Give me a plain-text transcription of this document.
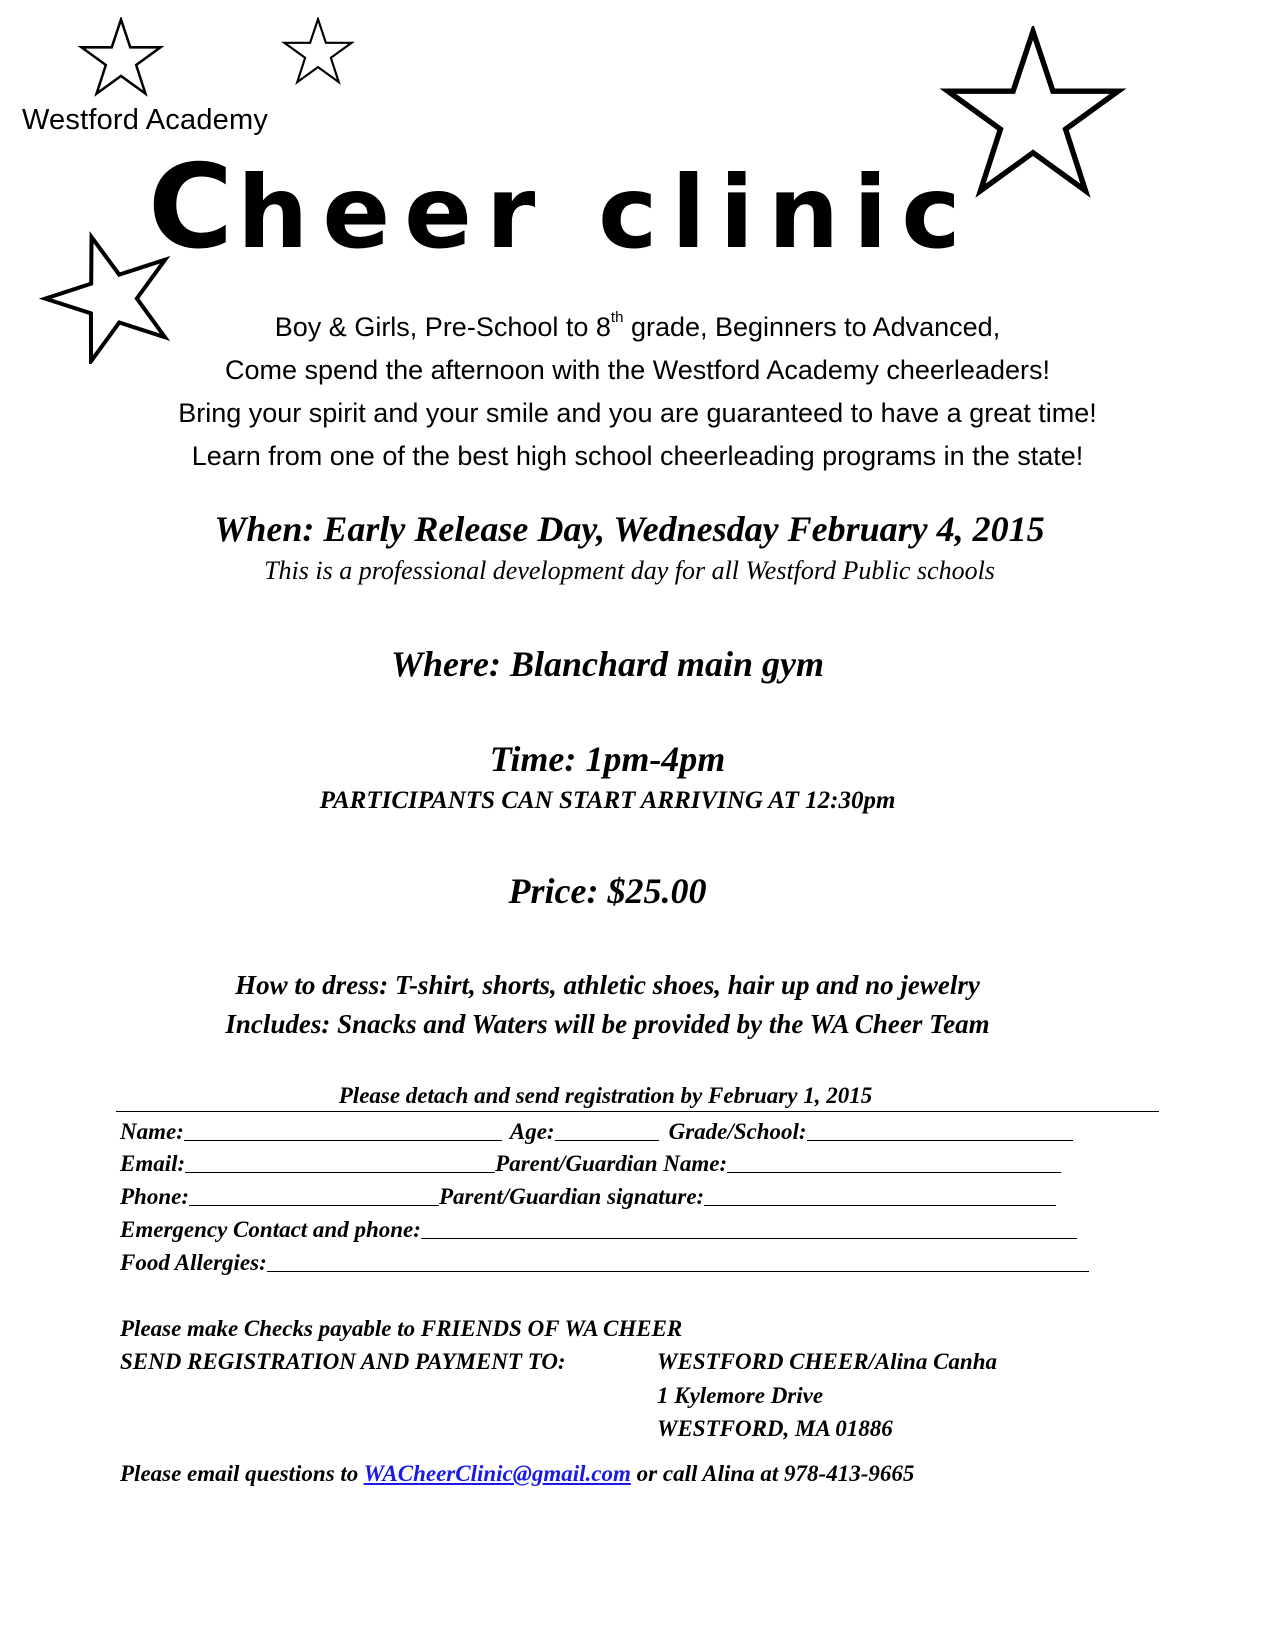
Westford Academy
Cheer clinic
Boy & Girls, Pre-School to 8th grade, Beginners to Advanced,
Come spend the afternoon with the Westford Academy cheerleaders!
Bring your spirit and your smile and you are guaranteed to have a great time!
Learn from one of the best high school cheerleading programs in the state!
When: Early Release Day, Wednesday February 4, 2015
This is a professional development day for all Westford Public schools
Where: Blanchard main gym
Time: 1pm-4pm
PARTICIPANTS CAN START ARRIVING AT 12:30pm
Price: $25.00
How to dress: T-shirt, shorts, athletic shoes, hair up and no jewelry
Includes: Snacks and Waters will be provided by the WA Cheer Team
Please detach and send registration by February 1, 2015
Name:	Age:	Grade/School:
Email:	Parent/Guardian Name:
Phone:	Parent/Guardian signature:
Emergency Contact and phone:
Food Allergies:
Please make Checks payable to FRIENDS OF WA CHEER
SEND REGISTRATION AND PAYMENT TO:	WESTFORD CHEER/Alina Canha
1 Kylemore Drive
WESTFORD, MA 01886
Please email questions to WACheerClinic@gmail.com or call Alina at 978-413-9665
